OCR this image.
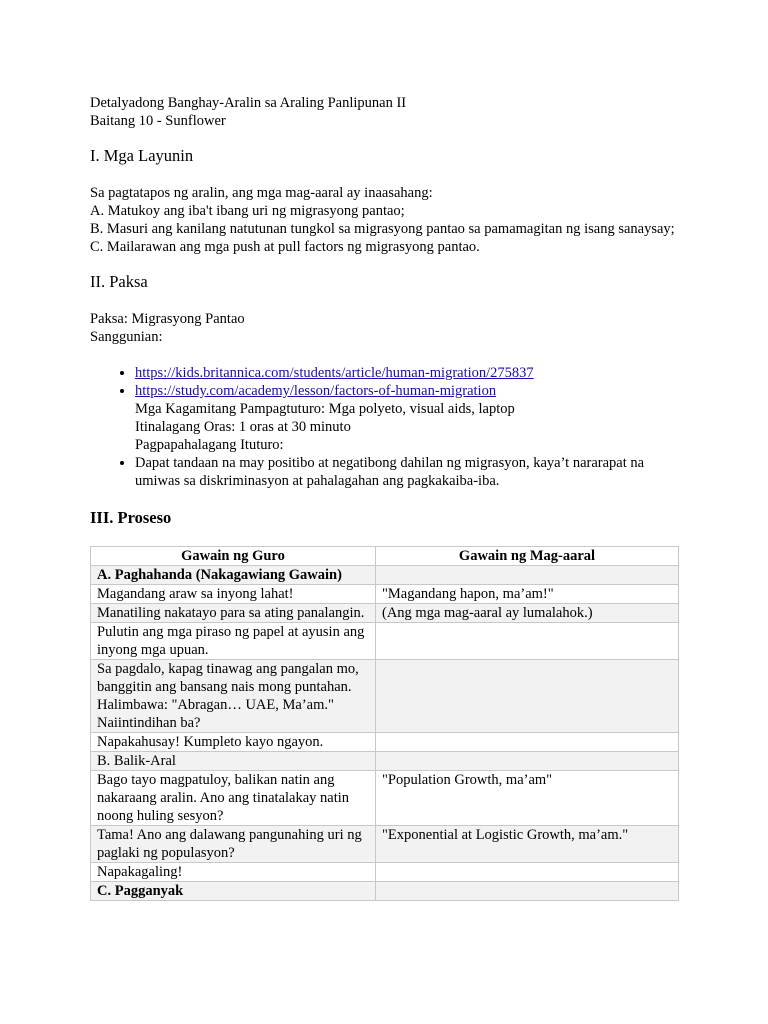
Detalyadong Banghay-Aralin sa Araling Panlipunan II
Baitang 10 - Sunflower
I. Mga Layunin

Sa pagtatapos ng aralin, ang mga mag-aaral ay inaasahang:

A. Matukoy ang iba't ibang uri ng migrasyong pantao;

B. Masuri ang kanilang natutunan tungkol sa migrasyong pantao sa pamamagitan ng isang sanaysay;

C. Mailarawan ang mga push at pull factors ng migrasyong pantao.

II. Paksa

Paksa: Migrasyong Pantao

Sanggunian:

• https://kids.britannica.com/students/article/human-migration/275837
• https://study.com/academy/lesson/factors-of-human-migration
Mga Kagamitang Pampagtuturo: Mga polyeto, visual aids, laptop
Itinalagang Oras: 1 oras at 30 minuto
Pagpapahalagang Ituturo:
• Dapat tandaan na may positibo at negatibong dahilan ng migrasyon, kaya’t nararapat na umiwas sa diskriminasyon at pahalagahan ang pagkakaiba-iba.
III. Proseso
Gawain ng Guro	Gawain ng Mag-aaral
A. Paghahanda (Nakagawiang Gawain)	
Magandang araw sa inyong lahat!	"Magandang hapon, ma’am!"
Manatiling nakatayo para sa ating panalangin.	(Ang mga mag-aaral ay lumalahok.)
Pulutin ang mga piraso ng papel at ayusin ang inyong mga upuan.	
Sa pagdalo, kapag tinawag ang pangalan mo, banggitin ang bansang nais mong puntahan. Halimbawa: "Abragan… UAE, Ma’am." Naiintindihan ba?	
Napakahusay! Kumpleto kayo ngayon.	
B. Balik-Aral	
Bago tayo magpatuloy, balikan natin ang nakaraang aralin. Ano ang tinatalakay natin noong huling sesyon?	"Population Growth, ma’am"
Tama! Ano ang dalawang pangunahing uri ng paglaki ng populasyon?	"Exponential at Logistic Growth, ma’am."
Napakagaling!	
C. Pagganyak	
